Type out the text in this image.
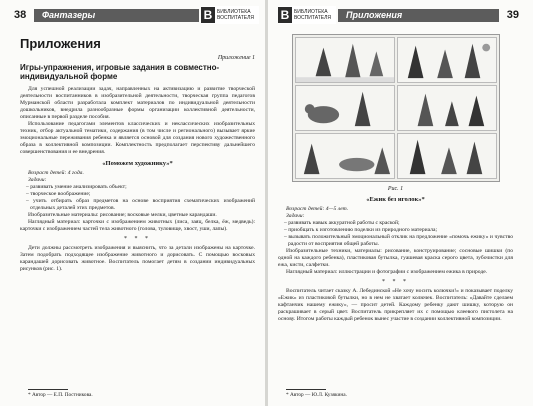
38	Фантазеры	В БИБЛИОТЕКА ВОСПИТАТЕЛЯ
Приложения
Приложение 1
Игры-упражнения, игровые задания в совместно-индивидуальной форме

Для успешной реализации задач, направленных на активизацию и развитие творческой деятельности воспитанников в изобразительной деятельности, творческая группа педагогов Мурманской области разработала комплект материалов по индивидуальной деятельности дошкольников, внедрила разнообразные формы организации коллективной деятельности, описанные в первой разделе пособия.

Использование педагогами элементов классических и неклассических изобразительных техник, отбор актуальной тематики, содержания (в том числе и регионального) вызывает яркие эмоциональные переживания ребенка и является основой для создания нового художественного образа в коллективной композиции. Комплектность предполагает перспективу дальнейшего совершенствования и ее внедрения.

«Поможем художнику»*

Возраст детей: 4 года.

Задачи:

– развивать умение анализировать объект;

– творческое воображение;

– учить отбирать образ предметов на основе восприятия схематических изображений отдельных деталей этих предметов.

Изобразительные материалы: рисование; восковые мелки, цветные карандаши.

Наглядный материал: карточки с изображением животных (лиса, заяц, белка, ёж, медведь): карточки с изображением частей тела животного (голова, туловище, хвост, уши, лапы).

* * *

Дети должны рассмотреть изображения и выяснить, что за детали изображены на карточке. Затем подобрать подходящее изображение животного и дорисовать. С помощью восковых карандашей дорисовать животное. Воспитатель помогает детям в создании индивидуальных рисунков (рис. 1).

* Автор — Е.П. Постникова.
В БИБЛИОТЕКА ВОСПИТАТЕЛЯ	Приложения	39
Рис. 1
«Ежик без иголок»*

Возраст детей: 4—5 лет.

Задачи:

– развивать навык аккуратной работы с краской;

– приобщать к изготовлению поделки из природного материала;

– вызывать положительный эмоциональный отклик на предложение «помочь ежику» и чувство радости от восприятия общей работы.

Изобразительные техники, материалы: рисование, конструирование; сосновые шишки (по одной на каждого ребенка), пластиковая бутылка, гуашевая краска серого цвета, зубочистки для ежа, кисти, салфетки.

Наглядный материал: иллюстрации и фотографии с изображением ежика в природе.

* * *

Воспитатель читает сказку А. Лебединской «Не хочу носить колючки!» и показывает поделку «Ежик» из пластиковой бутылки, но в нем не хватает колючек. Воспитатель: «Давайте сделаем кафтанчик нашему ежику», — просит детей. Каждому ребенку дают шишку, которую он раскрашивает в серый цвет. Воспитатель прикрепляет их с помощью клеевого пистолета на основу. Итогом работы каждый ребенок вынес участие в создании коллективной композиции.

* Автор — Ю.Л. Кузякина.
